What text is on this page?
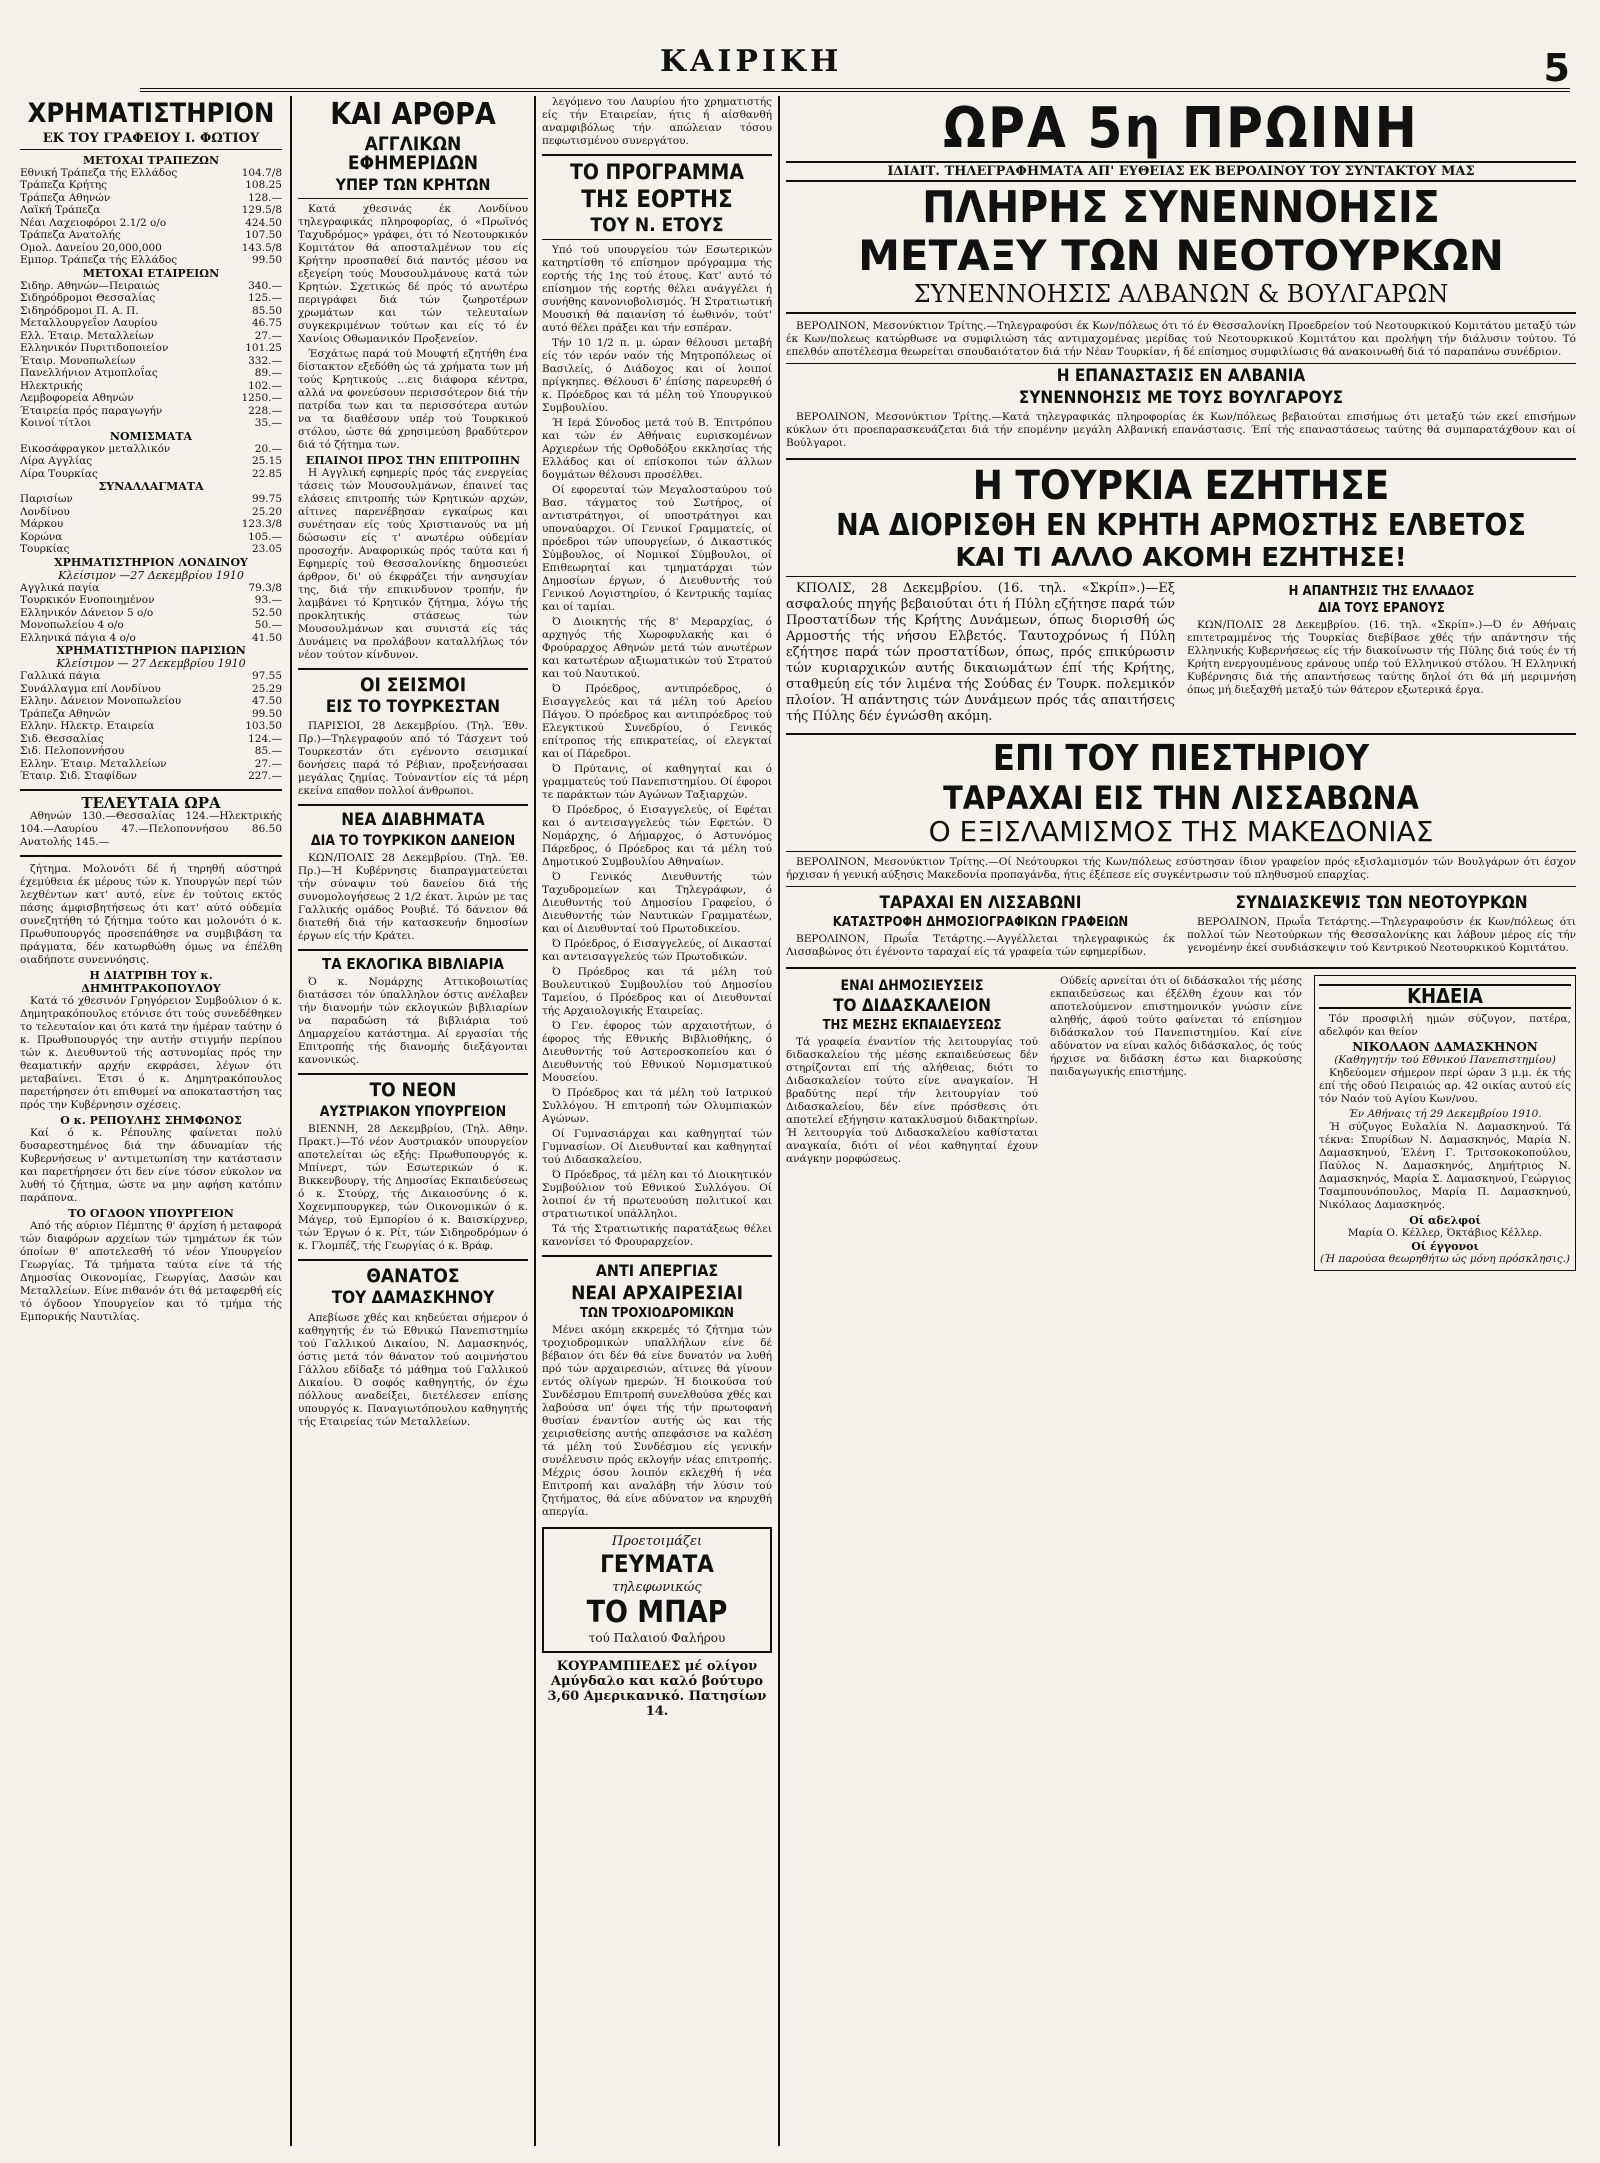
ΚΑΙΡΙΚΗ	5
ΧΡΗΜΑΤΙΣΤΗΡΙΟΝ
ΕΚ ΤΟΥ ΓΡΑΦΕΙΟΥ Ι. ΦΩΤΙΟΥ
ΜΕΤΟΧΑΙ ΤΡΑΠΕΖΩΝ
Εθνική Τράπεζα τής Ελλάδος	104.7/8
Τράπεζα Κρήτης	108.25
Τράπεζα Αθηνών	128.—
Λαϊκή Τράπεζα	129.5/8
Νέαι Λαχειοφόροι 2.1/2 ο/ο	424.50
Τράπεζα Ανατολής	107.50
Ομολ. Δανείου 20,000,000	143.5/8
Εμπορ. Τράπεζα τής Ελλάδος	99.50
ΜΕΤΟΧΑΙ ΕΤΑΙΡΕΙΩΝ
Σιδηρ. Αθηνών—Πειραιώς	340.—
Σιδηρόδρομοι Θεσσαλίας	125.—
Σιδηρόδρομοι Π. Α. Π.	85.50
Μεταλλουργεΐον Λαυρίου	46.75
Ελλ. Έταιρ. Μεταλλείων	27.—
Ελληνικόν Πυριτιδοποιείον	101.25
Έταιρ. Μονοπωλείων	332.—
Πανελλήνιον Ατμοπλοΐας	89.—
Ηλεκτρικής	102.—
Λεμβοφορεία Αθηνών	1250.—
Έταιρεία πρός παραγωγήν	228.—
Κοινοί τίτλοι	35.—
ΝΟΜΙΣΜΑΤΑ
Εικοσάφραγκον μεταλλικόν	20.—
Λίρα Αγγλίας	25.15
Λίρα Τουρκίας	22.85
ΣΥΝΑΛΛΑΓΜΑΤΑ
Παρισίων	99.75
Λονδίνου	25.20
Μάρκου	123.3/8
Κορώνα	105.—
Τουρκίας	23.05
ΧΡΗΜΑΤΙΣΤΗΡΙΟΝ ΛΟΝΔΙΝΟΥ
Κλείσιμον —27 Δεκεμβρίου 1910
Αγγλικά παγία	79.3/8
Τουρκικόν Ενοποιημένον	93.—
Ελληνικόν Δάνειον 5 ο/ο	52.50
Μονοπωλείου 4 ο/ο	50.—
Ελληνικά πάγια 4 ο/ο	41.50
ΧΡΗΜΑΤΙΣΤΗΡΙΟΝ ΠΑΡΙΣΙΩΝ
Κλείσιμον — 27 Δεκεμβρίου 1910
Γαλλικά πάγια	97.55
Συνάλλαγμα επί Λονδίνου	25.29
Ελλην. Δάνειον Μονοπωλείου	47.50
Τράπεζα Αθηνών	99.50
Ελλην. Ηλεκτρ. Εταιρεία	103.50
Σιδ. Θεσσαλίας	124.—
Σιδ. Πελοποννήσου	85.—
Ελλην. Έταιρ. Μεταλλείων	27.—
Έταιρ. Σιδ. Σταφίδων	227.—
ΤΕΛΕΥΤΑΙΑ ΩΡΑ

Αθηνών 130.—Θεσσαλίας 124.—Ηλεκτρικής 104.—Λαυρίου 47.—Πελοποννήσου 86.50 Ανατολής 145.—

ζήτημα. Μολονότι δέ ή τηρηθή αύστηρά έχεμύθεια έκ μέρους τών κ. Υπουργών περί τών λεχθέντων κατ' αυτό, είνε έν τούτοις εκτός πάσης άμφισβητήσεως ότι κατ' αύτό ούδεμία συνεζητήθη τό ζήτημα τούτο και μολονότι ό κ. Πρωθυπουργός προσεπάθησε να συμβιβάση τα πράγματα, δέν κατωρθώθη όμως να έπέλθη οιαδήποτε συνεννόησις.

Η ΔΙΑΤΡΙΒΗ ΤΟΥ κ. ΔΗΜΗΤΡΑΚΟΠΟΥΛΟΥ

Κατά τό χθεσινόν Γρηγόρειον Συμβούλιον ό κ. Δημητρακόπουλος ετόνισε ότι τούς συνεδέθηκεν το τελευταίον και ότι κατά την ήμέραν ταύτην ό κ. Πρωθυπουργός την αυτήν στιγμήν περίπου τών κ. Διευθυντοϋ τής αστυνομίας πρός την θεαματικήν αρχήν εκφράσει, λέγων ότι μεταβαίνει. Έτσι ό κ. Δημητρακόπουλος παρετήρησεν ότι επιθυμεί να αποκαταστήση τας πρός την Κυβέρνησιν σχέσεις.

Ο κ. ΡΕΠΟΥΛΗΣ ΣΗΜΦΩΝΟΣ

Καί ό κ. Ρέπουλης φαίνεται πολύ δυσαρεστημένος διά την άδυναμίαν τής Κυβερνήσεως ν' αντιμετωπίση την κατάστασιν και παρετήρησεν ότι δεν είνε τόσον εύκολον να λυθή τό ζήτημα, ώστε να μην αφήση κατόπιν παράπονα.

ΤΟ ΟΓΔΟΟΝ ΥΠΟΥΡΓΕΙΟΝ

Από τής αύριον Πέμπτης θ' άρχίση ή μεταφορά τών διαφόρων αρχείων τών τμημάτων έκ τών όποίων θ' αποτελεσθή τό νέον Υπουργείον Γεωργίας. Τά τμήματα ταύτα είνε τά τής Δημοσίας Οικονομίας, Γεωργίας, Δασών και Μεταλλείων. Είνε πιθανόν ότι θά μεταφερθή είς τό όγδοον Υπουργείον και τό τμήμα τής Εμπορικής Ναυτιλίας.

ΚΑΙ ΑΡΘΡΑ
ΑΓΓΛΙΚΩΝ ΕΦΗΜΕΡΙΔΩΝ
ΥΠΕΡ ΤΩΝ ΚΡΗΤΩΝ

Κατά χθεσινάς έκ Λονδίνου τηλεγραφικάς πληροφορίας, ό «Πρωϊνός Ταχυδρόμος» γράφει, ότι τό Νεοτουρκικόν Κομιτάτον θά αποσταλμένων του είς Κρήτην προσπαθεί διά παντός μέσου να εξεγείρη τούς Μουσουλμάνους κατά τών Κρητών. Σχετικώς δέ πρός τό ανωτέρω περιγράφει διά τών ζωηροτέρων χρωμάτων και τών τελευταίων συγκεκριμένων τούτων και είς τό έν Χανίοις Οθωμανικόν Προξενείον.

Έσχάτως παρά τού Μουφτή εζητήθη ένα δίστακτον εξεδόθη ώς τά χρήματα των μή τούς Κρητικούς ...εις διάφορα κέντρα, αλλά να φονεύσουν περισσότερον διά τήν πατρίδα των και τα περισσότερα αυτών να τα διαθέσουν υπέρ τού Τουρκικού στόλου, ώστε θά χρησιμεύση βραδύτερον διά τό ζήτημα των.

ΕΠΑΙΝΟΙ ΠΡΟΣ ΤΗΝ ΕΠΙΤΡΟΠΗΝ

Η Αγγλική εφημερίς πρός τάς ενεργείας τάσεις τών Μουσουλμάνων, έπαινεί τας ελάσεις επιτροπής τών Κρητικών αρχών, αίτινες παρενέβησαν εγκαίρως και συνέτησαν είς τούς Χριστιανούς να μή δώσωσιν είς τ' ανωτέρω ούδεμίαν προσοχήν. Αναφορικώς πρός ταύτα και ή Εφημερίς τού Θεσσαλονίκης δημοσιεύει άρθρον, δι' ού έκφράζει τήν ανησυχίαν της, διά τήν επικινδυνον τροπήν, ήν λαμβάνει τό Κρητικόν ζήτημα, λόγω τής προκλητικής στάσεως τών Μουσουλμάνων και συνιστά είς τάς Δυνάμεις να προλάβουν καταλλήλως τόν νέον τούτον κίνδυνον.

ΟΙ ΣΕΙΣΜΟΙ
ΕΙΣ ΤΟ ΤΟΥΡΚΕΣΤΑΝ

ΠΑΡΙΣΙΟΙ, 28 Δεκεμβρίου. (Τηλ. Έθν. Πρ.)—Τηλεγραφούν από τό Τάσχεντ τού Τουρκεστάν ότι εγένοντο σεισμικαί δονήσεις παρά τό Ρέβιαν, προξενήσασαι μεγάλας ζημίας. Τούναντίον είς τά μέρη εκείνα επαθον πολλοί άνθρωποι.

ΝΕΑ ΔΙΑΒΗΜΑΤΑ
ΔΙΑ ΤΟ ΤΟΥΡΚΙΚΟΝ ΔΑΝΕΙΟΝ

ΚΩΝ/ΠΟΛΙΣ 28 Δεκεμβρίου. (Τηλ. Έθ. Πρ.)—Ή Κυβέρνησις διαπραγματεύεται τήν σύναψιν τού δανείου διά τής συνομολογήσεως 2 1/2 έκατ. λιρών με τας Γαλλικής ομάδος Ρουβιέ. Τό δάνειον θά διατεθή διά τήν κατασκευήν δημοσίων έργων είς τήν Κράτει.

ΤΑ ΕΚΛΟΓΙΚΑ ΒΙΒΛΙΑΡΙΑ

Ό κ. Νομάρχης Αττικοβοιωτίας διατάσσει τόν ύπαλληλον όστις ανέλαβεν τήν διανομήν τών εκλογικών βιβλιαρίων να παραδώση τά βιβλιάρια τού Δημαρχείου κατάστημα. Αί εργασίαι τής Επιτροπής τής διανομής διεξάγονται κανονικώς.

ΤΟ ΝΕΟΝ
ΑΥΣΤΡΙΑΚΟΝ ΥΠΟΥΡΓΕΙΟΝ

ΒΙΕΝΝΗ, 28 Δεκεμβρίου, (Τηλ. Αθην. Πρακτ.)—Τό νέον Αυστριακόν υπουργείον αποτελείται ώς εξής: Πρωθυπουργός κ. Μπίνερτ, τών Εσωτερικών ό κ. Βικκενβουργ, τής Δημοσίας Εκπαιδεύσεως ό κ. Στούρχ, τής Δικαιοσύνης ό κ. Χοχενμπουργκερ, τών Οικονομικών ό κ. Μάγερ, τού Εμπορίου ό κ. Βαισκίρχνερ, τών Έργων ό κ. Ρίτ, τών Σιδηροδρόμων ό κ. Γλομπέζ, τής Γεωργίας ό κ. Βράφ.

ΘΑΝΑΤΟΣ
ΤΟΥ ΔΑΜΑΣΚΗΝΟΥ

Απεβίωσε χθές και κηδεύεται σήμερον ό καθηγητής έν τώ Εθνικώ Πανεπιστημίω τού Γαλλικού Δικαίου, Ν. Δαμασκηνός, όστις μετά τόν θάνατον τού αοιμνήστου Γάλλου εδίδαξε τό μάθημα τού Γαλλικού Δικαίου. Ό σοφός καθηγητής, όν έχω πόλλους αναδείξει, διετέλεσεν επίσης υπουργός κ. Παναγιωτόπουλου καθηγητής τής Εταιρείας τών Μεταλλείων.

λεγόμενο του Λαυρίου ήτο χρηματιστής είς τήν Εταιρείαν, ήτις ή αίσθανθή αναμφιβόλως τήν απώλειαν τόσου πεφωτισμένου συνεργάτου.

ΤΟ ΠΡΟΓΡΑΜΜΑ
ΤΗΣ ΕΟΡΤΗΣ
ΤΟΥ Ν. ΕΤΟΥΣ

Υπό τού υπουργείου τών Εσωτερικών κατηρτίσθη τό επίσημον πρόγραμμα τής εορτής τής 1ης τού έτους. Κατ' αυτό τό επίσημον τής εορτής θέλει ανάγγέλει ή συνήθης κανονιοβολισμός. Ή Στρατιωτική Μουσική θά παιανίση τό έωθινόν, τούτ' αυτό θέλει πράξει και τήν εσπέραν.

Τήν 10 1/2 π. μ. ώραν θέλουσι μεταβή είς τόν ιερόν ναόν τής Μητροπόλεως οί Βασιλείς, ό Διάδοχος και οί λοιποί πρίγκηπες. Θέλουσι δ' έπίσης παρευρεθή ό κ. Πρόεδρος και τά μέλη τού Υπουργικού Συμβουλίου.

Ή Ιερά Σύνοδος μετά τού Β. Έπιτρόπου και τών έν Αθήναις ευρισκομένων Αρχιερέων τής Ορθοδόξου εκκλησίας τής Ελλάδος και οί επίσκοποι τών άλλων δογμάτων θέλουσι προσέλθει.

Οί εφορευταί τών Μεγαλοσταύρου τού Βασ. τάγματος τού Σωτήρος, οί αντιστράτηγοι, οί υποστράτηγοι και υποναύαρχοι. Οί Γενικοί Γραμματείς, οί πρόεδροι τών υπουργείων, ό Δικαστικός Σύμβουλος, οί Νομικοί Σύμβουλοι, οί Επιθεωρηταί και τμηματάρχαι τών Δημοσίων έργων, ό Διευθυντής τού Γενικού Λογιστηρίου, ό Κεντρικής ταμίας και οί ταμίαι.

Ό Διοικητής τής 8' Μεραρχίας, ό αρχηγός τής Χωροφυλακής και ό Φρούραρχος Αθηνών μετά τών ανωτέρων και κατωτέρων αξιωματικών τού Στρατού και τού Ναυτικού.

Ό Πρόεδρος, αντιπρόεδρος, ό Εισαγγελεύς και τά μέλη τού Αρείου Πάγου. Ό πρόεδρος και αντιπρόεδρος τού Ελεγκτικού Συνεδρίου, ό Γενικός επίτροπος τής επικρατείας, οί ελεγκταί και οί Πάρεδροι.

Ό Πρύτανις, οί καθηγηταί και ό γραμματεύς τού Πανεπιστημίου. Οί έφοροι τε παράκτων τών Αγώνων Ταξιαρχών.

Ό Πρόεδρος, ό Εισαγγελεύς, οί Εφέται και ό αντεισαγγελεύς τών Εφετών. Ό Νομάρχης, ό Δήμαρχος, ό Αστυνόμος Πάρεδρος, ό Πρόεδρος και τά μέλη τού Δημοτικού Συμβουλίου Αθηναίων.

Ό Γενικός Διευθυντής τών Ταχυδρομείων και Τηλεγράφων, ό Διευθυντής τού Δημοσίου Γραφείου, ό Διευθυντής τών Ναυτικών Γραμματέων, και οί Διευθυνταί τού Πρωτοδικείου.

Ό Πρόεδρος, ό Εισαγγελεύς, οί Δικασταί και αντεισαγγελεύς τών Πρωτοδικών.

Ό Πρόεδρος και τά μέλη τού Βουλευτικού Συμβουλίου τού Δημοσίου Ταμείου, ό Πρόεδρος και οί Διευθυνταί τής Αρχαιολογικής Εταιρείας.

Ό Γεν. έφορος τών αρχαιοτήτων, ό έφορος τής Εθνικής Βιβλιοθήκης, ό Διευθυντής τού Αστεροσκοπείου και ό Διευθυντής τού Εθνικού Νομισματικού Μουσείου.

Ό Πρόεδρος και τά μέλη τού Ιατρικού Συλλόγου. Ή επιτροπή τών Ολυμπιακών Αγώνων.

Οί Γυμνασιάρχαι και καθηγηταί τών Γυμνασίων. Οί Διευθυνταί και καθηγηταί τού Διδασκαλείου.

Ό Πρόεδρος, τά μέλη και τό Διοικητικόν Συμβούλιον τού Εθνικού Συλλόγου. Οί λοιποί έν τή πρωτευούση πολιτικοί και στρατιωτικοί υπάλληλοι.

Τά τής Στρατιωτικής παρατάξεως θέλει κανονίσει τό Φρουραρχείον.

ΑΝΤΙ ΑΠΕΡΓΙΑΣ
ΝΕΑΙ ΑΡΧΑΙΡΕΣΙΑΙ
ΤΩΝ ΤΡΟΧΙΟΔΡΟΜΙΚΩΝ

Μένει ακόμη εκκρεμές τό ζήτημα τών τροχιοδρομικών υπαλλήλων είνε δέ βέβαιον ότι δέν θά είνε δυνατόν να λυθή πρό τών αρχαιρεσιών, αίτινες θά γίνουν εντός ολίγων ημερών. Ή διοικούσα τού Συνδέσμου Επιτροπή συνελθούσα χθές και λαβούσα υπ' όψει τής τήν πρωτοφανή θυσίαν έναντίον αυτής ώς και τής χειρισθείσης αυτής απεφάσισε να καλέση τά μέλη τού Συνδέσμου είς γενικήν συνέλευσιν πρός εκλογήν νέας επιτροπής. Μέχρις όσου λοιπόν εκλεχθή ή νέα Επιτροπή και αναλάβη τήν λύσιν τού ζητήματος, θά είνε αδύνατον να κηρυχθή απεργία.

Προετοιμάζει
ΓΕΥΜΑΤΑ
τηλεφωνικώς
ΤΟ ΜΠΑΡ
τού Παλαιού Φαλήρου
ΚΟΥΡΑΜΠΙΕΔΕΣ μέ ολίγον Αμύγδαλο και καλό βούτυρο 3,60 Αμερικανικό. Πατησίων 14.
ΩΡΑ 5η ΠΡΩΙΝΗ
ΙΔΙΑΙΤ. ΤΗΛΕΓΡΑΦΗΜΑΤΑ ΑΠ' ΕΥΘΕΙΑΣ ΕΚ ΒΕΡΟΛΙΝΟΥ ΤΟΥ ΣΥΝΤΑΚΤΟΥ ΜΑΣ
ΠΛΗΡΗΣ ΣΥΝΕΝΝΟΗΣΙΣ
ΜΕΤΑΞΥ ΤΩΝ ΝΕΟΤΟΥΡΚΩΝ
ΣΥΝΕΝΝΟΗΣΙΣ ΑΛΒΑΝΩΝ & ΒΟΥΛΓΑΡΩΝ

ΒΕΡΟΛΙΝΟΝ, Μεσονύκτιον Τρίτης.—Τηλεγραφούσι έκ Κων/πόλεως ότι τό έν Θεσσαλονίκη Προεδρείον τού Νεοτουρκικού Κομιτάτου μεταξύ τών έκ Κων/πολεως κατώρθωσε να συμφιλιώση τάς αντιμαχομένας μερίδας τού Νεοτουρκικού Κομιτάτου και προλήψη τήν διάλυσιν τούτου. Τό επελθόν αποτέλεσμα θεωρείται σπουδαιότατον διά τήν Νέαν Τουρκίαν, ή δέ επίσημος συμφιλίωσις θά ανακοινωθή διά τό παραπάνω συνέδριον.

Η ΕΠΑΝΑΣΤΑΣΙΣ ΕΝ ΑΛΒΑΝΙΑ
ΣΥΝΕΝΝΟΗΣΙΣ ΜΕ ΤΟΥΣ ΒΟΥΛΓΑΡΟΥΣ

ΒΕΡΟΛΙΝΟΝ, Μεσονύκτιον Τρίτης.—Κατά τηλεγραφικάς πληροφορίας έκ Κων/πόλεως βεβαιούται επισήμως ότι μεταξύ τών εκεί επισήμων κύκλων ότι προεπαρασκευάζεται διά τήν επομένην μεγάλη Αλβανική επανάστασις. Έπί τής επαναστάσεως ταύτης θά συμπαρατάχθουν και οί Βούλγαροι.

Η ΤΟΥΡΚΙΑ ΕΖΗΤΗΣΕ
ΝΑ ΔΙΟΡΙΣΘΗ ΕΝ ΚΡΗΤΗ ΑΡΜΟΣΤΗΣ ΕΛΒΕΤΟΣ
ΚΑΙ ΤΙ ΑΛΛΟ ΑΚΟΜΗ ΕΖΗΤΗΣΕ!

ΚΠΟΛΙΣ, 28 Δεκεμβρίου. (16. τηλ. «Σκρίπ».)—Εξ ασφαλούς πηγής βεβαιούται ότι ή Πύλη εζήτησε παρά τών Προστατίδων τής Κρήτης Δυνάμεων, όπως διορισθή ώς Αρμοστής τής νήσου Ελβετός. Ταυτοχρόνως ή Πύλη εζήτησε παρά τών προστατίδων, όπως, πρός επικύρωσιν τών κυριαρχικών αυτής δικαιωμάτων έπί τής Κρήτης, σταθμεύη είς τόν λιμένα τής Σούδας έν Τουρκ. πολεμικόν πλοίον. Ή απάντησις τών Δυνάμεων πρός τάς απαιτήσεις τής Πύλης δέν έγνώσθη ακόμη.

Η ΑΠΑΝΤΗΣΙΣ ΤΗΣ ΕΛΛΑΔΟΣ
ΔΙΑ ΤΟΥΣ ΕΡΑΝΟΥΣ

ΚΩΝ/ΠΟΛΙΣ 28 Δεκεμβρίου. (16. τηλ. «Σκρίπ».)—Ό έν Αθήναις επιτετραμμένος τής Τουρκίας διεβίβασε χθές τήν απάντησιν τής Ελληνικής Κυβερνήσεως είς τήν διακοίνωσιν τής Πύλης διά τούς έν τή Κρήτη ενεργουμένους εράνους υπέρ τού Ελληνικού στόλου. Ή Ελληνική Κυβέρνησις διά τής απαντήσεως ταύτης δηλοί ότι θά μή μεριμνήση όπως μή διεξαχθή μεταξύ τών θάτερον εξωτερικά έργα.

ΕΠΙ ΤΟΥ ΠΙΕΣΤΗΡΙΟΥ
ΤΑΡΑΧΑΙ ΕΙΣ ΤΗΝ ΛΙΣΣΑΒΩΝΑ
Ο ΕΞΙΣΛΑΜΙΣΜΟΣ ΤΗΣ ΜΑΚΕΔΟΝΙΑΣ

ΒΕΡΟΛΙΝΟΝ, Μεσονύκτιον Τρίτης.—Οί Νεότουρκοι τής Κων/πόλεως εσύστησαν ίδιον γραφείον πρός εξισλαμισμόν τών Βουλγάρων ότι έσχον ήρχισαν ή γενική αύξησις Μακεδονία προπαγάνδα, ήτις έξέπεσε είς συγκέντρωσιν τού πληθυσμού επαρχίας.

ΤΑΡΑΧΑΙ ΕΝ ΛΙΣΣΑΒΩΝΙ
ΚΑΤΑΣΤΡΟΦΗ ΔΗΜΟΣΙΟΓΡΑΦΙΚΩΝ ΓΡΑΦΕΙΩΝ

ΒΕΡΟΛΙΝΟΝ, Πρωΐα Τετάρτης.—Αγγέλλεται τηλεγραφικώς έκ Λισσαβώνος ότι έγένοντο ταραχαί είς τά γραφεία τών εφημερίδων.

ΣΥΝΔΙΑΣΚΕΨΙΣ ΤΩΝ ΝΕΟΤΟΥΡΚΩΝ

ΒΕΡΟΛΙΝΟΝ, Πρωΐα Τετάρτης.—Τηλεγραφούσιν έκ Κων/πόλεως ότι πολλοί τών Νεοτούρκων τής Θεσσαλονίκης και λάβουν μέρος είς τήν γενομένην έκεί συνδιάσκεψιν τού Κεντρικού Νεοτουρκικού Κομιτάτου.

ΕΝΑΙ ΔΗΜΟΣΙΕΥΣΕΙΣ
ΤΟ ΔΙΔΑΣΚΑΛΕΙΟΝ
ΤΗΣ ΜΕΣΗΣ ΕΚΠΑΙΔΕΥΣΕΩΣ

Τά γραφεία έναντίον τής λειτουργίας τού διδασκαλείου τής μέσης εκπαιδεύσεως δέν στηρίζονται επί τής αλήθειας, διότι το Διδασκαλείον τούτο είνε αναγκαίον. Ή βραδύτης περί τήν λειτουργίαν τού Διδασκαλείου, δέν είνε πρόσθεσις ότι αποτελεί εξήγησιν κατακλυσμού διδακτηρίων. Ή λειτουργία τού Διδασκαλείου καθίσταται αναγκαία, διότι οί νέοι καθηγηταί έχουν ανάγκην μορφώσεως.

Ούδείς αρνείται ότι οί διδάσκαλοι τής μέσης εκπαιδεύσεως και έξέλθη έχουν και τόν αποτελούμενον επιστημονικόν γνώσιν είνε αληθής, άφού τούτο φαίνεται τό επίσημον διδάσκαλον τού Πανεπιστημίου. Καί είνε αδύνατον να είναι καλός διδάσκαλος, ός τούς ήρχισε να διδάσκη έστω και διαρκούσης παιδαγωγικής επιστήμης.

ΚΗΔΕΙΑ

Τόν προσφιλή ημών σύζυγον, πατέρα, αδελφόν και θείον

ΝΙΚΟΛΑΟΝ ΔΑΜΑΣΚΗΝΟΝ
(Καθηγητήν τού Εθνικού Πανεπιστημίου)

Κηδεύομεν σήμερον περί ώραν 3 μ.μ. έκ τής επί τής οδού Πειραιώς αρ. 42 οικίας αυτού είς τόν Ναόν τού Αγίου Κων/νου.

Έν Αθήναις τή 29 Δεκεμβρίου 1910.

Ή σύζυγος Ευλαλία Ν. Δαμασκηνού. Τά τέκνα: Σπυρίδων Ν. Δαμασκηνός, Μαρία Ν. Δαμασκηνού, Έλένη Γ. Τριτσοκοκοπούλου, Παύλος Ν. Δαμασκηνός, Δημήτριος Ν. Δαμασκηνός, Μαρία Σ. Δαμασκηνού, Γεώργιος Τσαμπουνόπουλος, Μαρία Π. Δαμασκηνού, Νικόλαος Δαμασκηνός.

Οί αδελφοί
Μαρία Ο. Κέλλερ, Όκτάβιος Κέλλερ.
Οί έγγονοι
(Ή παρούσα θεωρηθήτω ώς μόνη πρόσκλησις.)
